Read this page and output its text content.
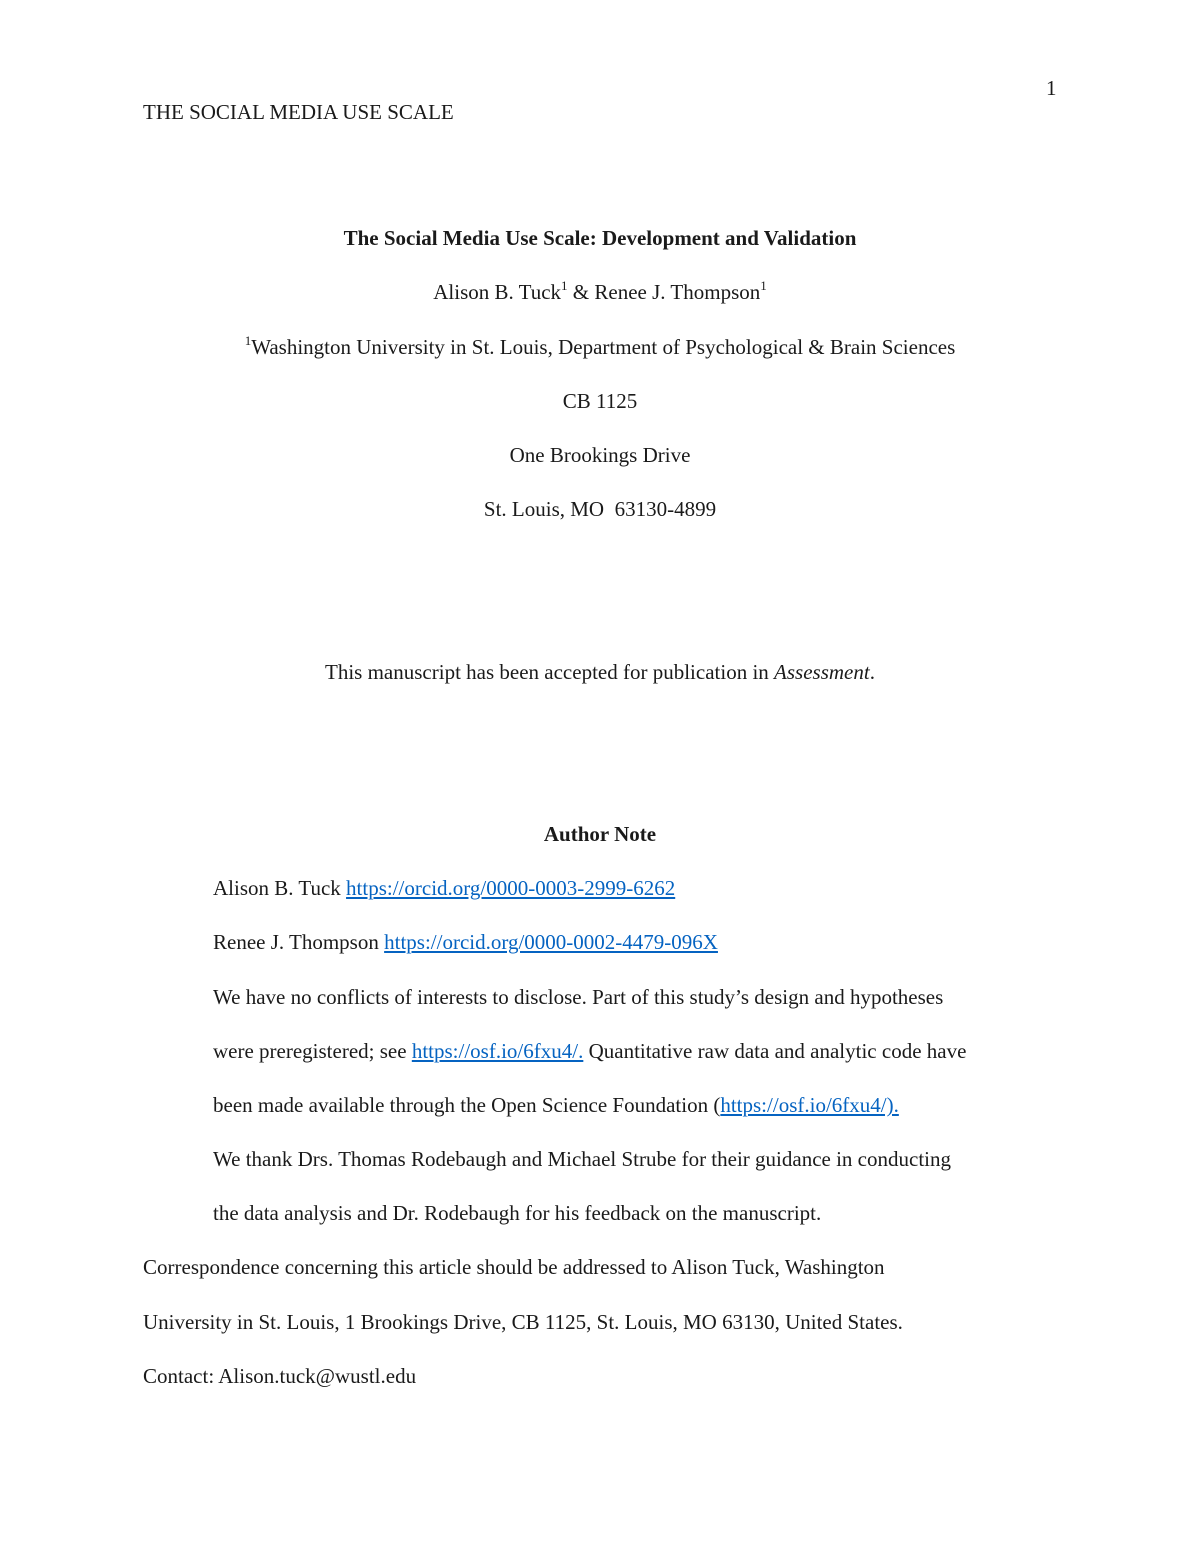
1
THE SOCIAL MEDIA USE SCALE
The Social Media Use Scale: Development and Validation
Alison B. Tuck$^1$ & Renee J. Thompson$^1$
$^1$Washington University in St. Louis, Department of Psychological & Brain Sciences
CB 1125
One Brookings Drive
St. Louis, MO  63130-4899
This manuscript has been accepted for publication in Assessment.
Author Note
Alison B. Tuck https://orcid.org/0000-0003-2999-6262
Renee J. Thompson https://orcid.org/0000-0002-4479-096X
We have no conflicts of interests to disclose. Part of this study’s design and hypotheses
were preregistered; see https://osf.io/6fxu4/. Quantitative raw data and analytic code have
been made available through the Open Science Foundation (https://osf.io/6fxu4/).
We thank Drs. Thomas Rodebaugh and Michael Strube for their guidance in conducting
the data analysis and Dr. Rodebaugh for his feedback on the manuscript.
Correspondence concerning this article should be addressed to Alison Tuck, Washington
University in St. Louis, 1 Brookings Drive, CB 1125, St. Louis, MO 63130, United States.
Contact: Alison.tuck@wustl.edu
